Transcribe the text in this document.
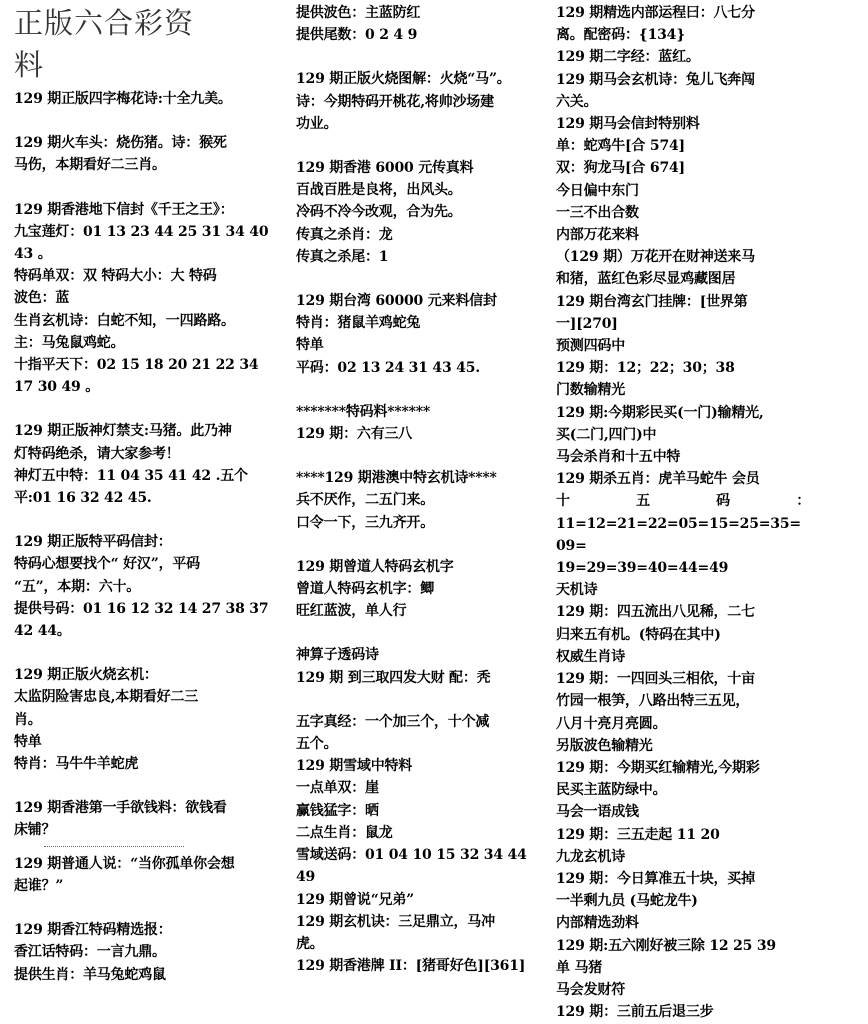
正版六合彩资

料

129 期正版四字梅花诗:十全九美。

129 期火车头：烧伤猪。诗：猴死

马伤，本期看好二三肖。

129 期香港地下信封《千王之王》：

九宝莲灯：01 13 23 44 25 31 34 40

43 。

特码单双：双 特码大小：大 特码

波色：蓝

生肖玄机诗：白蛇不知，一四路路。

主：马兔鼠鸡蛇。

十指平天下：02 15 18 20 21 22 34

17 30 49 。

129 期正版神灯禁支:马猪。此乃神

灯特码绝杀，请大家参考！

神灯五中特：11 04 35 41 42 .五个

平:01 16 32 42 45.

129 期正版特平码信封：

特码心想要找个“ 好汉”，平码

“五”，本期：六十。

提供号码：01 16 12 32 14 27 38 37

42 44。

129 期正版火烧玄机：

太监阴险害忠良,本期看好二三

肖。

特单

特肖：马牛牛羊蛇虎

129 期香港第一手欲钱料：欲钱看

床铺？

129 期普通人说：“当你孤单你会想

起谁？”

129 期香江特码精选报：

香江话特码：一言九鼎。

提供生肖：羊马兔蛇鸡鼠

提供波色：主蓝防红

提供尾数：0 2 4 9

129 期正版火烧图解：火烧“马”。

诗：今期特码开桃花,将帅沙场建

功业。

129 期香港 6000 元传真料

百战百胜是良将，出风头。

冷码不冷今改观，合为先。

传真之杀肖：龙

传真之杀尾：1

129 期台湾 60000 元来料信封

特肖：猪鼠羊鸡蛇兔

特单

平码：02 13 24 31 43 45.

*******特码料******

129 期：六有三八

****129 期港澳中特玄机诗****

兵不厌作，二五门来。

口令一下，三九齐开。

129 期曾道人特码玄机字

曾道人特码玄机字：鲫

旺红蓝波，单人行

神算子透码诗

129 期 到三取四发大财 配：秃

五字真经：一个加三个，十个减

五个。

129 期雪域中特料

一点单双：崖

赢钱猛字：晒

二点生肖：鼠龙

雪域送码：01 04 10 15 32 34 44

49

129 期曾说“兄弟”

129 期玄机诀：三足鼎立，马冲

虎。

129 期香港牌 II：[猪哥好色][361]

129 期精选内部运程曰：八七分

离。配密码：{134}

129 期二字经：蓝红。

129 期马会玄机诗：兔儿飞奔闯

六关。

129 期马会信封特别料

单：蛇鸡牛[合 574]

双：狗龙马[合 674]

今日偏中东门

一三不出合数

内部万花来料

（129 期）万花开在财神送来马

和猪，蓝红色彩尽显鸡藏图居

129 期台湾玄门挂牌：[世界第

一][270]

预测四码中

129 期：12；22；30；38

门数输精光

129 期:今期彩民买(一门)输精光,

买(二门,四门)中

马会杀肖和十五中特

129 期杀五肖：虎羊马蛇牛 会员

十	五	码	：

11=12=21=22=05=15=25=35=09=

19=29=39=40=44=49

天机诗

129 期：四五流出八见稀，二七

归来五有机。(特码在其中)

权威生肖诗

129 期：一四回头三相依，十亩

竹园一根笋，八路出特三五见，

八月十亮月亮圆。

另版波色输精光

129 期：今期买红输精光,今期彩

民买主蓝防绿中。

马会一语成钱

129 期：三五走起 11 20

九龙玄机诗

129 期：今日算准五十块，买掉

一半剩九员 (马蛇龙牛)

内部精选劲料

129 期:五六刚好被三除 12 25 39

单 马猪

马会发财符

129 期：三前五后退三步
